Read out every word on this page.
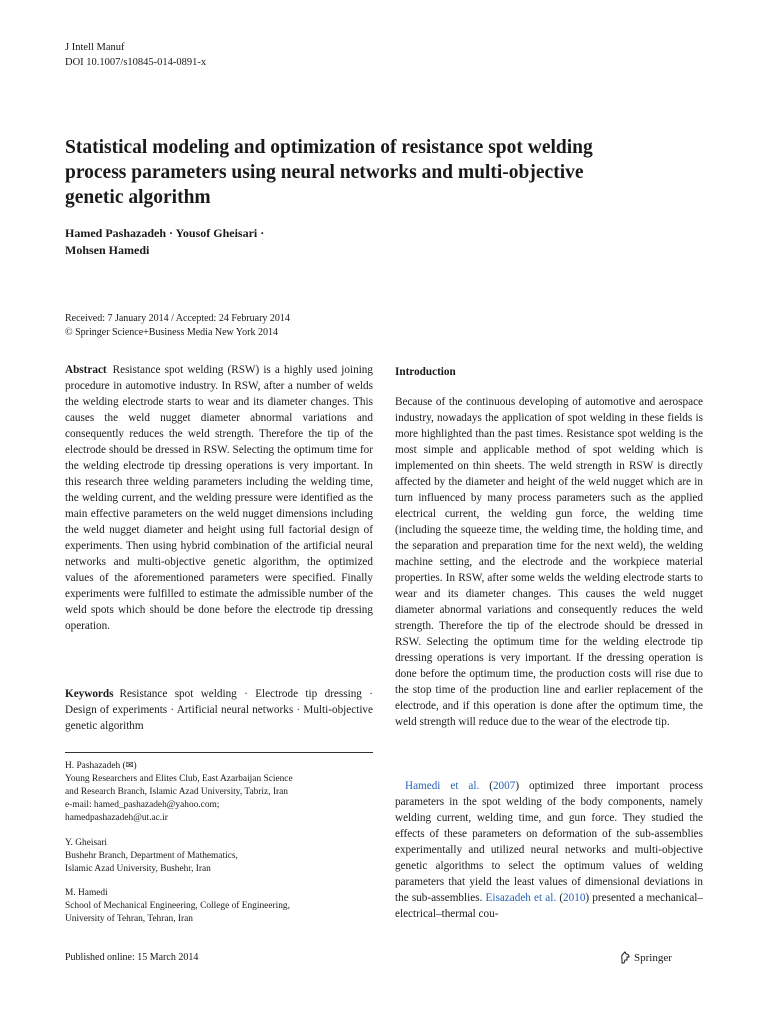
J Intell Manuf
DOI 10.1007/s10845-014-0891-x
Statistical modeling and optimization of resistance spot welding
process parameters using neural networks and multi-objective
genetic algorithm
Hamed Pashazadeh · Yousof Gheisari ·
Mohsen Hamedi
Received: 7 January 2014 / Accepted: 24 February 2014
© Springer Science+Business Media New York 2014
Abstract Resistance spot welding (RSW) is a highly used joining procedure in automotive industry. In RSW, after a number of welds the welding electrode starts to wear and its diameter changes. This causes the weld nugget diameter abnormal variations and consequently reduces the weld strength. Therefore the tip of the electrode should be dressed in RSW. Selecting the optimum time for the welding electrode tip dressing operations is very important. In this research three welding parameters including the welding time, the welding current, and the welding pressure were identified as the main effective parameters on the weld nugget dimensions including the weld nugget diameter and height using full factorial design of experiments. Then using hybrid combination of the artificial neural networks and multi-objective genetic algorithm, the optimized values of the aforementioned parameters were specified. Finally experiments were fulfilled to estimate the admissible number of the weld spots which should be done before the electrode tip dressing operation.
Keywords Resistance spot welding · Electrode tip dressing · Design of experiments · Artificial neural networks · Multi-objective genetic algorithm
H. Pashazadeh (✉)
Young Researchers and Elites Club, East Azarbaijan Science
and Research Branch, Islamic Azad University, Tabriz, Iran
e-mail: hamed_pashazadeh@yahoo.com;
hamedpashazadeh@ut.ac.ir
Y. Gheisari
Bushehr Branch, Department of Mathematics,
Islamic Azad University, Bushehr, Iran
M. Hamedi
School of Mechanical Engineering, College of Engineering,
University of Tehran, Tehran, Iran
Introduction
Because of the continuous developing of automotive and aerospace industry, nowadays the application of spot welding in these fields is more highlighted than the past times. Resistance spot welding is the most simple and applicable method of spot welding which is implemented on thin sheets. The weld strength in RSW is directly affected by the diameter and height of the weld nugget which are in turn influenced by many process parameters such as the applied electrical current, the welding gun force, the welding time (including the squeeze time, the welding time, the holding time, and the separation and preparation time for the next weld), the welding machine setting, and the electrode and the workpiece material properties. In RSW, after some welds the welding electrode starts to wear and its diameter changes. This causes the weld nugget diameter abnormal variations and consequently reduces the weld strength. Therefore the tip of the electrode should be dressed in RSW. Selecting the optimum time for the welding electrode tip dressing operations is very important. If the dressing operation is done before the optimum time, the production costs will rise due to the stop time of the production line and earlier replacement of the electrode, and if this operation is done after the optimum time, the weld strength will reduce due to the wear of the electrode tip.
Hamedi et al. (2007) optimized three important process parameters in the spot welding of the body components, namely welding current, welding time, and gun force. They studied the effects of these parameters on deformation of the sub-assemblies experimentally and utilized neural networks and multi-objective genetic algorithms to select the optimum values of welding parameters that yield the least values of dimensional deviations in the sub-assemblies. Eisazadeh et al. (2010) presented a mechanical–electrical–thermal cou-
Published online: 15 March 2014	Springer
